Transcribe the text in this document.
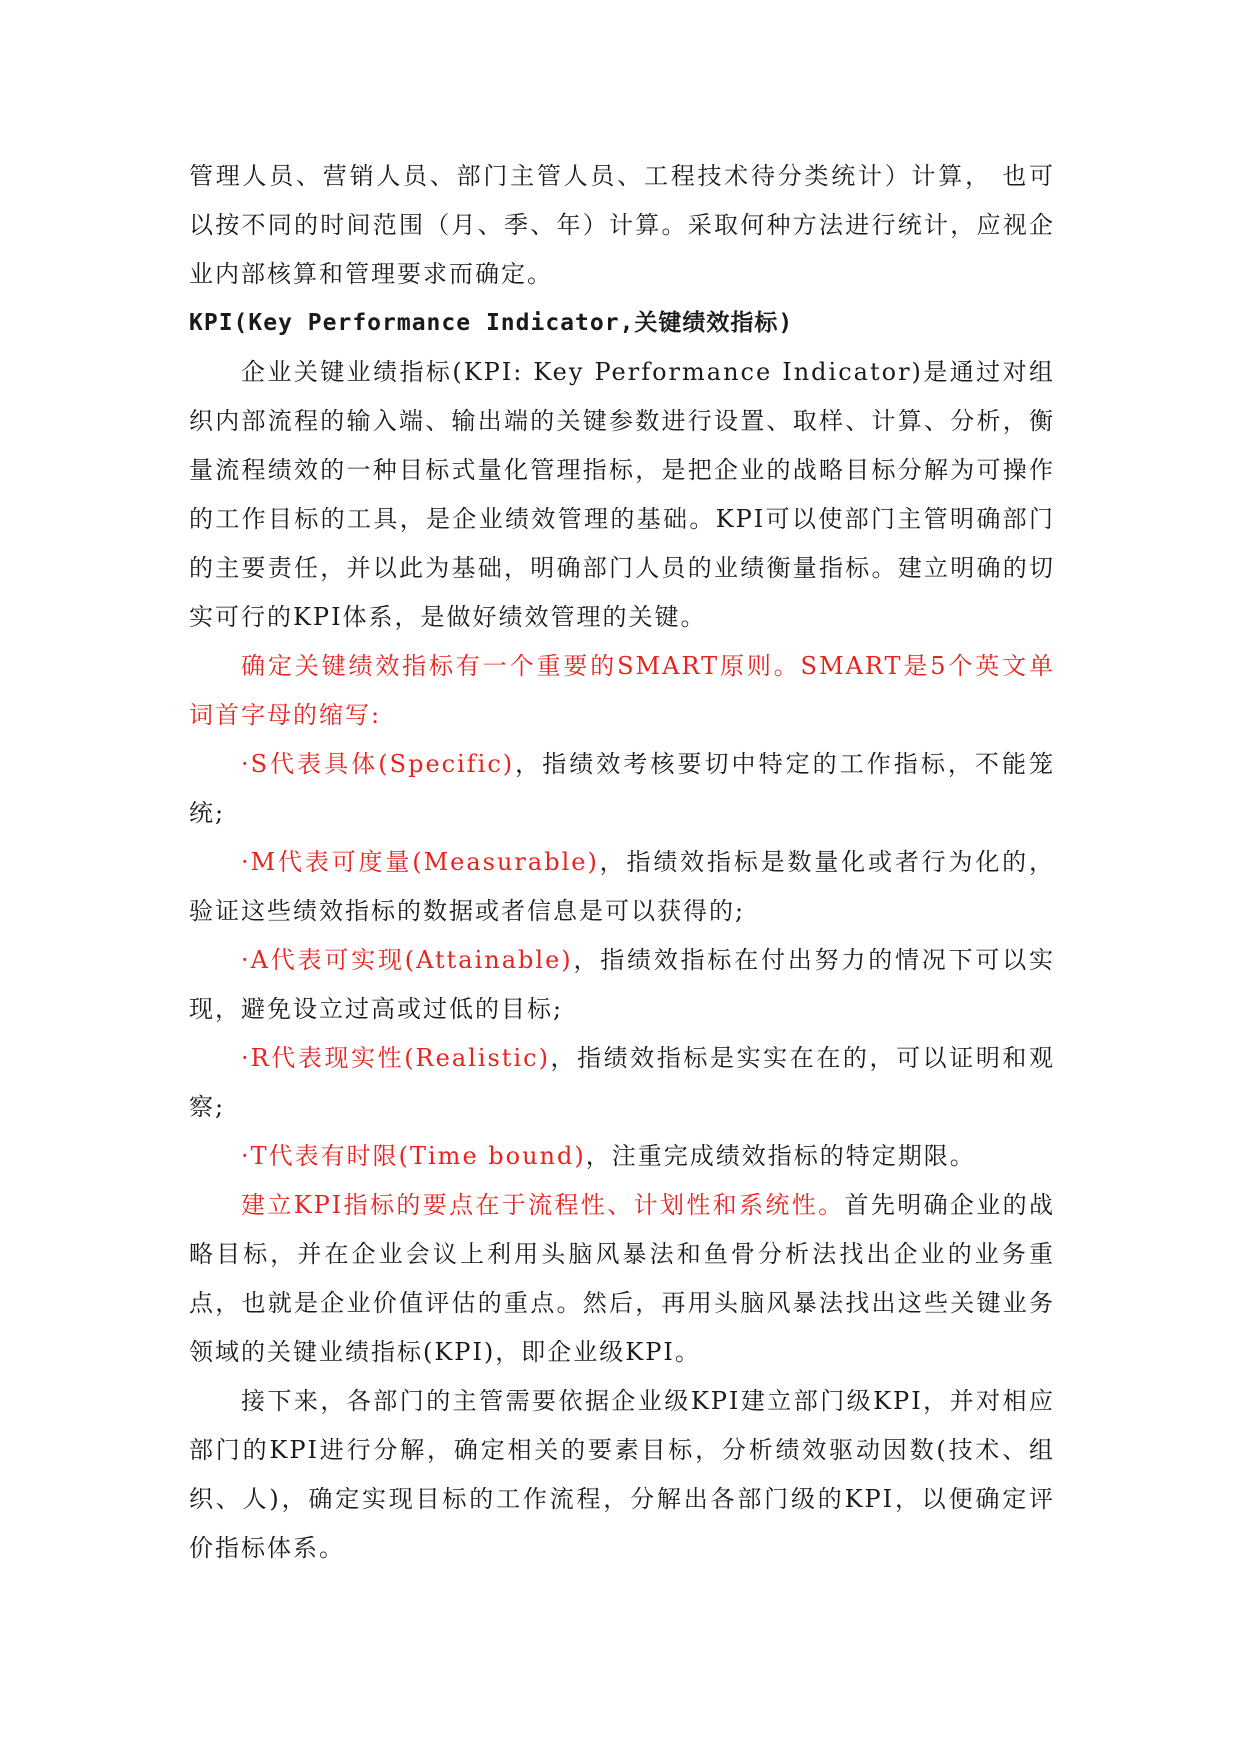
管理人员、营销人员、部门主管人员、工程技术待分类统计）计算， 也可以按不同的时间范围（月、季、年）计算。采取何种方法进行统计，应视企业内部核算和管理要求而确定。

KPI(Key Performance Indicator,关键绩效指标)

企业关键业绩指标(KPI: Key Performance Indicator)是通过对组织内部流程的输入端、输出端的关键参数进行设置、取样、计算、分析，衡量流程绩效的一种目标式量化管理指标，是把企业的战略目标分解为可操作的工作目标的工具，是企业绩效管理的基础。KPI可以使部门主管明确部门的主要责任，并以此为基础，明确部门人员的业绩衡量指标。建立明确的切实可行的KPI体系，是做好绩效管理的关键。

确定关键绩效指标有一个重要的SMART原则。SMART是5个英文单词首字母的缩写:

·S代表具体(Specific)，指绩效考核要切中特定的工作指标，不能笼统;

·M代表可度量(Measurable)，指绩效指标是数量化或者行为化的，验证这些绩效指标的数据或者信息是可以获得的;

·A代表可实现(Attainable)，指绩效指标在付出努力的情况下可以实现，避免设立过高或过低的目标;

·R代表现实性(Realistic)，指绩效指标是实实在在的，可以证明和观察;

·T代表有时限(Time bound)，注重完成绩效指标的特定期限。

建立KPI指标的要点在于流程性、计划性和系统性。首先明确企业的战略目标，并在企业会议上利用头脑风暴法和鱼骨分析法找出企业的业务重点，也就是企业价值评估的重点。然后，再用头脑风暴法找出这些关键业务领域的关键业绩指标(KPI)，即企业级KPI。

接下来，各部门的主管需要依据企业级KPI建立部门级KPI，并对相应部门的KPI进行分解，确定相关的要素目标，分析绩效驱动因数(技术、组织、人)，确定实现目标的工作流程，分解出各部门级的KPI，以便确定评价指标体系。
